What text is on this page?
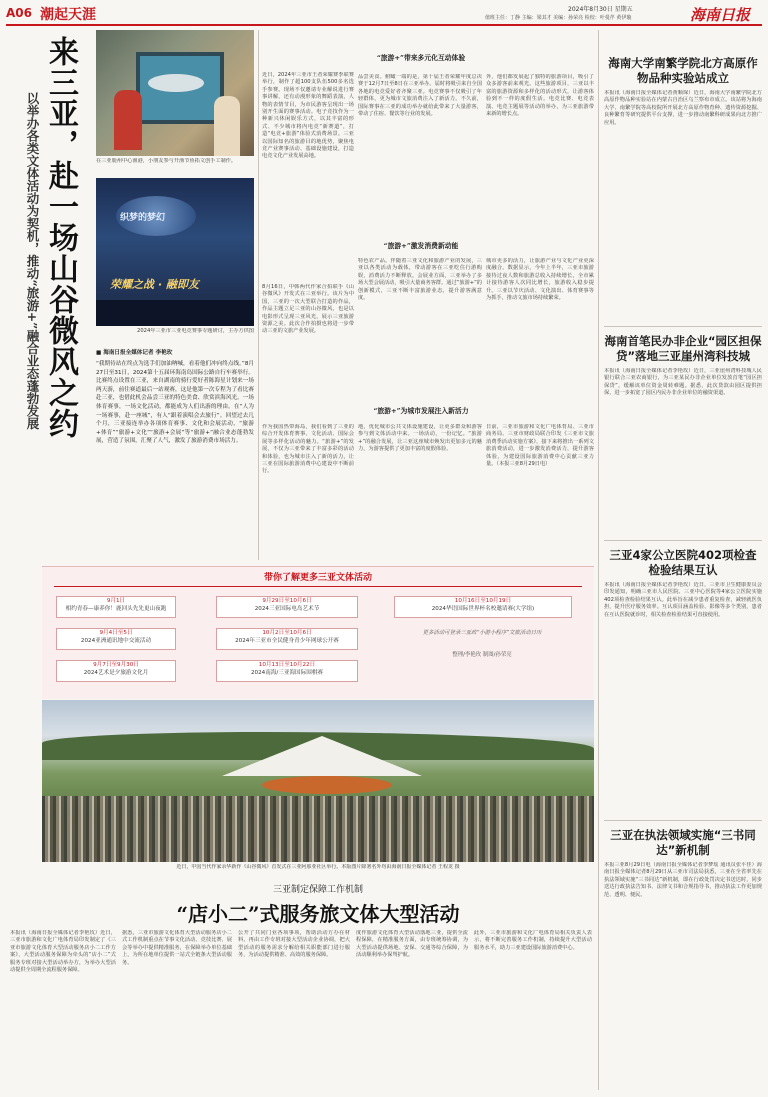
A06 潮起天涯	2024年8月30日 星期五
值班主任：丁静 主编：梁其才 美编：孙荣亮 检校：叶曼芹 黄伊璇	海南日报
来三亚，赴一场山谷微风之约
以举办各类文体活动为契机，推动“旅游+”融合业态蓬勃发展	在三亚鹿州中心渔港，小朋友参与开渔节鱼拓文创手工制作。
织梦的梦幻
荣耀之战 · 融即友
2024年三亚市三亚电竞赛事专题研讨，主办方供图
■ 海南日报全媒体记者 李艳玫
“我期待站在终点为选手们加油呐喊，看着他们冲向终点线。”8月27日至31日，2024第十五届环海南岛国际公路自行车赛举行。比赛终点设置在三亚，来自湖南的骑行爱好者陈海星计划来一场两天游，前往赛道最后一站观赛，这是他第一次专程为了看比赛赴三亚，也借此机会品尝三亚的特色美食、欣赏滨海风光。一场体育赛事，一场文化活动，都能成为人们出游的理由。在“人为一场赛事，赴一座城”，有人“跟着演唱会去旅行”。回望过去几个月，三亚接连举办各项体育赛事、文化和会展活动，“旅游+体育”“旅游+文化”“旅游+会展”等“旅游+”融合业态蓬勃发展，营造了氛围，汇聚了人气，激发了旅游消费市场活力。
近日，2024年三亚市王者荣耀赛季联赛举行，制作了超100支队伍500多名选手参赛。现场不仅邀请专业解说进行赛事讲解，还有动漫形象的舞蹈表演，人物的表情节目，为市民游客呈现出一场别开生面的赛事活动。电子竞技作为一种新兴休闲娱乐方式，以其丰富的形式、不少城市将内电竞“新赛道”，打造“电竞+旅游”体验式消费场景。三亚以国际知名的旅游目的地优势，聚焦电竞产业赛事活动、基础设施建设，打造电竞文化产业发展高地。
8月16日，中韩两代作家合拍联手《山谷微风》开发式在三亚举行。该片为中国，三亚的一次大型联合打造的作品，作品主题立足三亚的山谷微风，也是以电影形式呈现三亚风光，展示三亚旅游资源之美。此次合作拍摄也将进一步带动三亚的文旅产业发展。
“旅游+”带来多元化互动体验
品尝美食。俯瞰一端的是，第十届王者荣耀年度总决赛于12月7日至8日在三亚举办。届时将吸引来自全国各地的电竞爱好者齐聚三亚。电竞赛事不仅吸引了年轻群体，更为城市文旅消费注入了新活力。不久前，国际赛事在三亚的成功举办就给此带来了大量游客，带动了住宿、餐饮等行业的发展。
外，他们都发展起了独特的旅游项目，吸引了众多游客前来观光。这些旅游项目，三亚以丰富的旅游资源和多样化的活动形式，让游客体验到不一样的度假生活。电竞比赛、电竞表演、电竞主题展等活动的举办，为三亚旅游带来新的增长点。
“旅游+”激发消费新动能
特色农产品。伴随着三亚文化和旅游产业的发展，三亚以各类活动为载体，带动游客在三亚吃住行游购娱，消费活力不断释放。会展业方面，三亚举办了多场大型会展活动，吸引大量商务客群。通过“旅游+”的创新模式，三亚不断丰富旅游业态，提升游客满意度。
城市更多的活力，让旅游产业与文化产业更深度融合。数据显示，今年上半年，三亚市旅游接待过夜人数和旅游总收入持续增长，全市累计接待游客人次同比增长，旅游收入稳步提升。三亚以节庆活动、文化演出、体育赛事等为抓手，推动文旅市场持续繁荣。
“旅游+”为城市发展注入新活力
作为我国热带海岛，我们看到了三亚的综合开发体育赛事、文化活动、国际会展等多样化活动的魅力。“旅游+”的发展，不仅为三亚带来了丰富多彩的活动和体验，也为城市注入了新的活力，让三亚在国际旅游消费中心建设中不断前行。
地，优化城市公共文体设施建设，让更多群众和游客参与到文体活动中来。一场活动，一份记忆。“旅游+”的融合发展，让三亚这座城市焕发出更加多元的魅力，为游客提供了更加丰富的度假体验。
日前，三亚市旅游和文化广电体育局、三亚市商务局、三亚市财政局联合印发《三亚市文旅消费季活动实施方案》，接下来将推出一系列文旅消费活动，进一步激发消费活力，提升游客体验，为建设国际旅游消费中心贡献三亚力量。（本报三亚8月29日电）
带你了解更多三亚文体活动
9月1日
相约青春—康养你！鹿回头先先更山夜跑
9月4日至5日
2024亚洲通讯地中交流活动
9月7日至9月30日
2024艺术是夕旅游文化月
9月29日至10月6日
2024三亚国际电岛艺术节
10月2日至10月6日
2024年三亚市全民健身青少年网球公开赛
10月13日至10月22日
2024南海/三亚海国际围棋赛
10月16日至10月19日
2024华语国际世界杯名校邀请赛(大学组)
更多活动可登录三亚政“小游小程序”文旅活动日历
整理/李艳玫 制图/孙荣亮
近日，中国当代作家余华新作《山谷微风》首发式在三亚阿那亚社区举行。本版图片除署名外均由海南日报全媒体记者 王程龙 摄
三亚制定保障工作机制
“店小二”式服务旅文体大型活动
本报讯（海南日报全媒体记者李艳玫）近日，三亚市旅游和文化广电体育局印发制定了《三亚市旅游文化体育大型活动服务店小二工作方案》，大型活动服务保障为牵头的“店小二”式服务专班对接大型活动举办方，为举办大型活动提供全周期全流程服务保障。
据悉，三亚市旅游文化体育大型活动服务店小二式工作机制重点在节事文化活动、竞技比赛、展会等举办中提供精准服务，在保障举办单位基础上，为所在地单位提供一站式全链条大型活动服务。
公开了共同门业各项事项，帮助活动方办在材料，再由工作专班对接大型活动企业协调，把大型活动的服务需求分解给相关职能部门进行服务，为活动提供精准、高效的服务保障。
度作旅游文化体育大型活动落地三亚，提供全流程保障，在精准服务方面，由专班统筹协调，为大型活动提供场地、安保、交通等综合保障，为活动顺利举办保驾护航。
此外，三亚市旅游和文化广电体育局相关负责人表示，将不断完善服务工作机制，持续提升大型活动服务水平，助力三亚建设国际旅游消费中心。
海南大学南繁学院北方高原作物品种实验站成立
本报讯（海南日报全媒体记者黄顺琛）近日，海南大学南繁学院北方高原作物品种实验站在内蒙古自治区乌兰察布市成立。该站将为海南大学、南繁学院等高校院所开展北方高原作物育种、遗传资源挖掘、良种繁育等研究提供平台支撑，进一步推动南繁科研成果向北方推广应用。
海南首笔民办非企业“园区担保贷”落地三亚崖州湾科技城
本报讯（海南日报全媒体记者李艳玫）近日，三亚崖州湾科技城人民银行联合三亚农商银行，为三亚某民办非企业单位发放首笔“园区担保贷”，缓解该单位资金周转难题。据悉，此次贷款由园区提供担保，进一步拓宽了园区内民办非企业单位的融资渠道。
三亚4家公立医院402项检查检验结果互认
本报讯（海南日报全媒体记者李艳玫）近日，三亚市卫生健康委员会印发通知，明确三亚市人民医院、三亚中心医院等4家公立医院实施402项检查检验结果互认。此举旨在减少患者重复检查，减轻就医负担，提升医疗服务效率。互认项目涵盖检验、影像等多个类别，患者在互认医院就诊时，相关检查检验结果可直接使用。
三亚在执法领域实施“三书同达”新机制
本报三亚8月29日电（海南日报全媒体记者李梦瑶 通讯员张平佳）海南日报全媒体记者8月29日从三亚市司法局获悉，三亚在全省率先在执法领域实施“三书同达”新机制，即在行政处罚决定书送达时，同步送达行政执法告知书、法律文书和合规指导书，推动执法工作更加规范、透明、便民。
